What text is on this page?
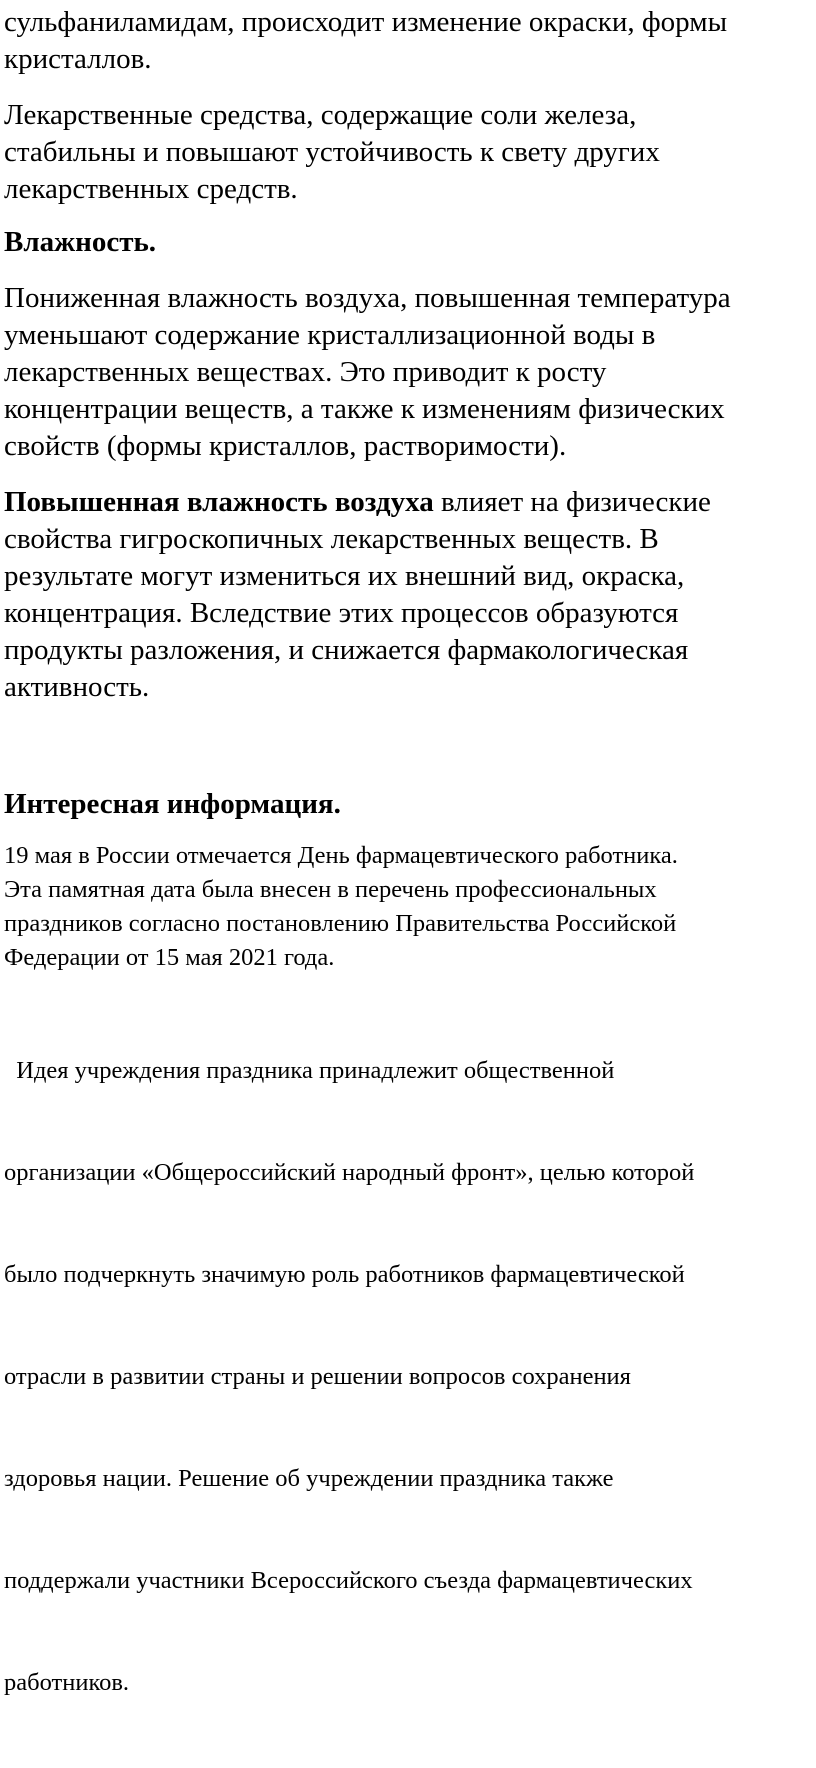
сульфаниламидам, происходит изменение окраски, формы
кристаллов.
Лекарственные средства, содержащие соли железа,
стабильны и повышают устойчивость к свету других
лекарственных средств.
Влажность.
Пониженная влажность воздуха, повышенная температура
уменьшают содержание кристаллизационной воды в
лекарственных веществах. Это приводит к росту
концентрации веществ, а также к изменениям физических
свойств (формы кристаллов, растворимости).
Повышенная влажность воздуха влияет на физические
свойства гигроскопичных лекарственных веществ. В
результате могут измениться их внешний вид, окраска,
концентрация. Вследствие этих процессов образуются
продукты разложения, и снижается фармакологическая
активность.
Интересная информация.
19 мая в России отмечается День фармацевтического работника.
Эта памятная дата была внесен в перечень профессиональных
праздников согласно постановлению Правительства Российской
Федерации от 15 мая 2021 года.

Идея учреждения праздника принадлежит общественной

организации «Общероссийский народный фронт», целью которой

было подчеркнуть значимую роль работников фармацевтической

отрасли в развитии страны и решении вопросов сохранения

здоровья нации. Решение об учреждении праздника также

поддержали участники Всероссийского съезда фармацевтических

работников.
